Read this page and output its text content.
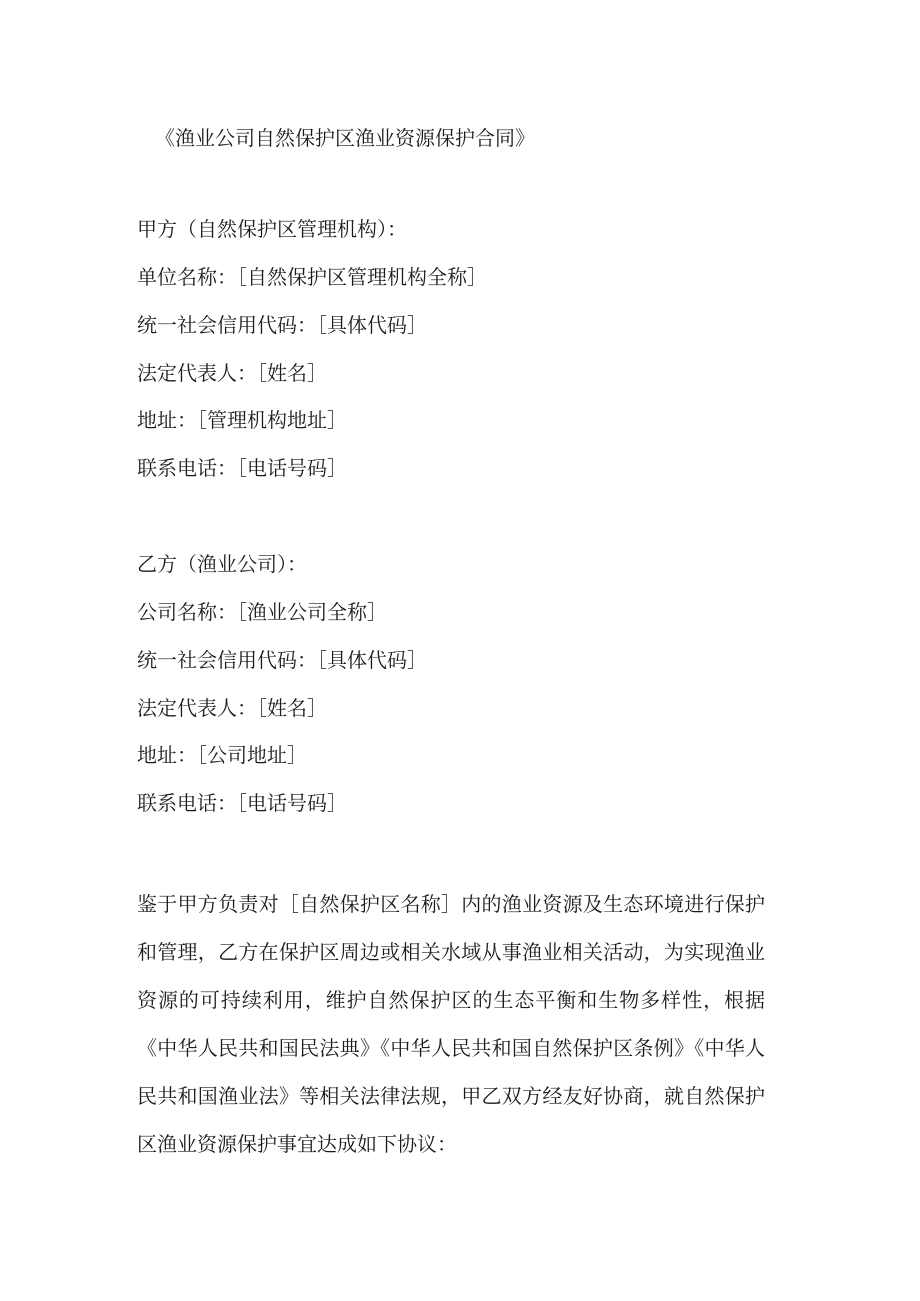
《渔业公司自然保护区渔业资源保护合同》
甲方（自然保护区管理机构）：
单位名称：［自然保护区管理机构全称］
统一社会信用代码：［具体代码］
法定代表人：［姓名］
地址：［管理机构地址］
联系电话：［电话号码］
乙方（渔业公司）：
公司名称：［渔业公司全称］
统一社会信用代码：［具体代码］
法定代表人：［姓名］
地址：［公司地址］
联系电话：［电话号码］
鉴于甲方负责对［自然保护区名称］内的渔业资源及生态环境进行保护和管理，乙方在保护区周边或相关水域从事渔业相关活动，为实现渔业资源的可持续利用，维护自然保护区的生态平衡和生物多样性，根据《中华人民共和国民法典》《中华人民共和国自然保护区条例》《中华人民共和国渔业法》等相关法律法规，甲乙双方经友好协商，就自然保护区渔业资源保护事宜达成如下协议：
